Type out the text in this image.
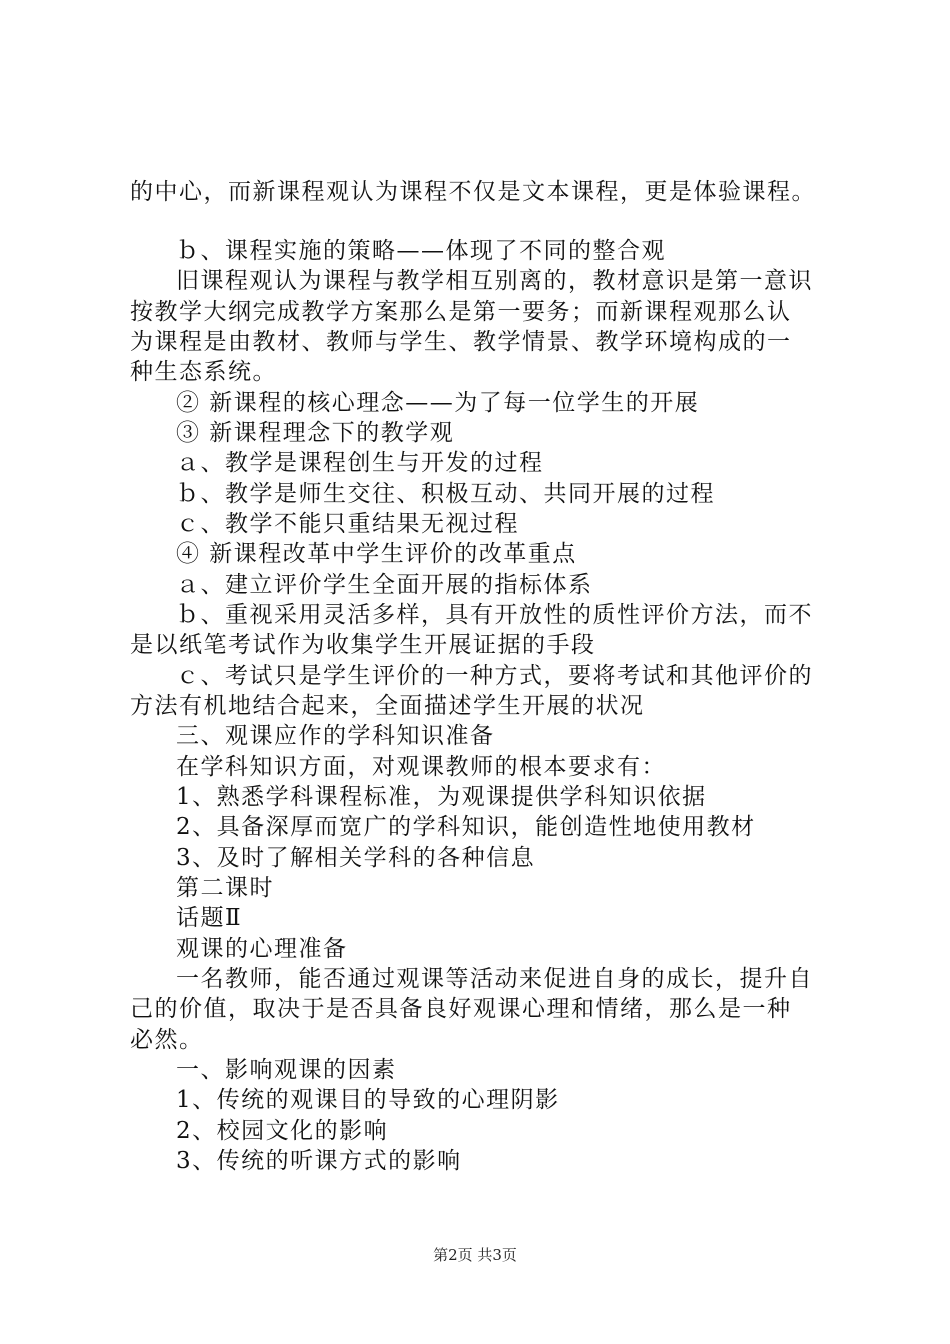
的中心，而新课程观认为课程不仅是文本课程，更是体验课程。
ｂ、课程实施的策略——体现了不同的整合观
旧课程观认为课程与教学相互别离的，教材意识是第一意识
按教学大纲完成教学方案那么是第一要务；而新课程观那么认
为课程是由教材、教师与学生、教学情景、教学环境构成的一
种生态系统。
② 新课程的核心理念——为了每一位学生的开展
③ 新课程理念下的教学观
ａ、教学是课程创生与开发的过程
ｂ、教学是师生交往、积极互动、共同开展的过程
ｃ、教学不能只重结果无视过程
④ 新课程改革中学生评价的改革重点
ａ、建立评价学生全面开展的指标体系
ｂ、重视采用灵活多样，具有开放性的质性评价方法，而不
是以纸笔考试作为收集学生开展证据的手段
ｃ、考试只是学生评价的一种方式，要将考试和其他评价的
方法有机地结合起来，全面描述学生开展的状况
三、观课应作的学科知识准备
在学科知识方面，对观课教师的根本要求有：
1、熟悉学科课程标准，为观课提供学科知识依据
2、具备深厚而宽广的学科知识，能创造性地使用教材
3、及时了解相关学科的各种信息
第二课时
话题Ⅱ
观课的心理准备
一名教师，能否通过观课等活动来促进自身的成长，提升自
己的价值，取决于是否具备良好观课心理和情绪，那么是一种
必然。
一、影响观课的因素
1、传统的观课目的导致的心理阴影
2、校园文化的影响
3、传统的听课方式的影响
第2页 共3页
